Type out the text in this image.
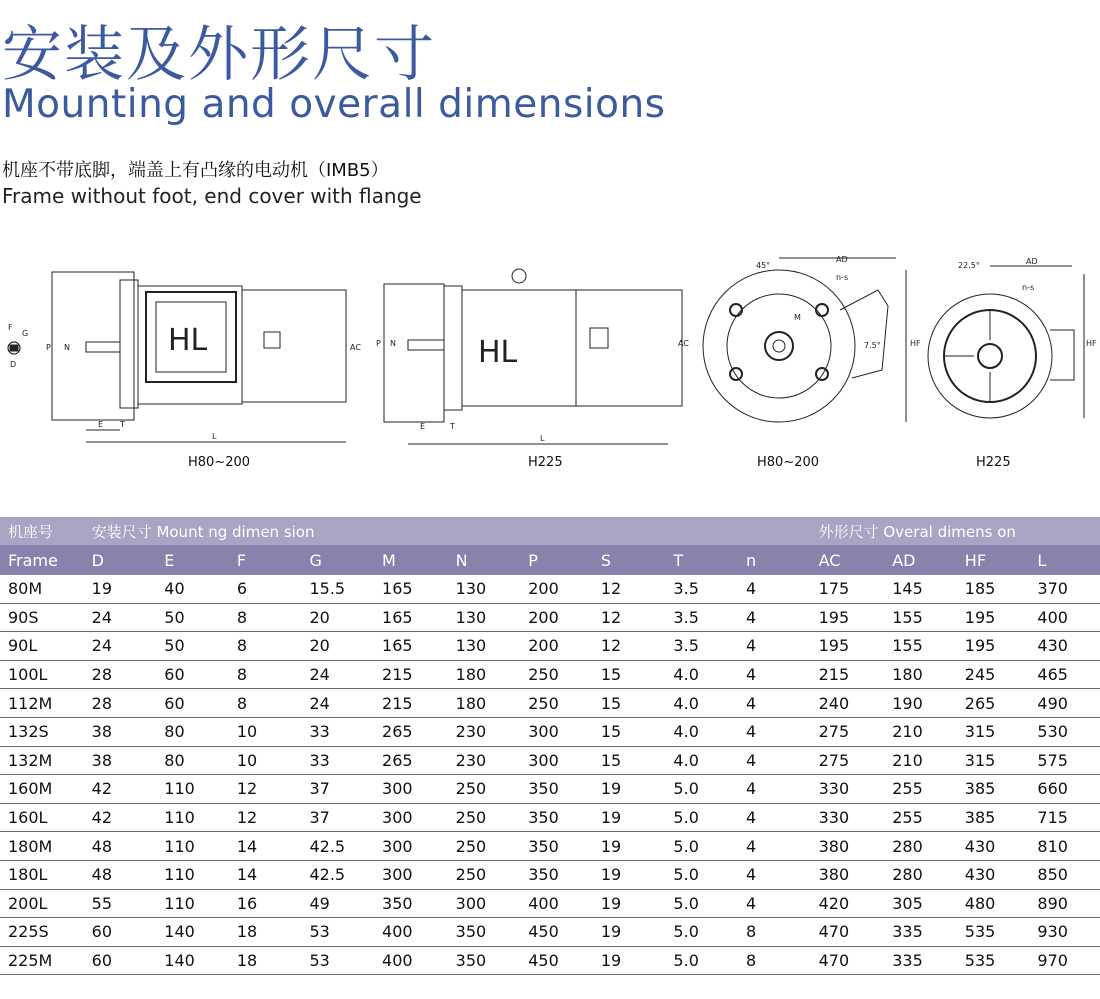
安装及外形尺寸
Mounting and overall dimensions
机座不带底脚，端盖上有凸缘的电动机（IMB5）
Frame without foot, end cover with flange
HL
L
E T
P N	AC
F
G
D	HL
L
E	T
P N	AC
AD
HF
45°
n-s
M
7.5°
AD
HF
22.5°
n-s
H80~200	H225	H80~200	H225
机座号	安装尺寸 Mount ng dimen sion										外形尺寸 Overal dimens on			
Frame	D	E	F	G	M	N	P	S	T	n	AC	AD	HF	L
80M	19	40	6	15.5	165	130	200	12	3.5	4	175	145	185	370
90S	24	50	8	20	165	130	200	12	3.5	4	195	155	195	400
90L	24	50	8	20	165	130	200	12	3.5	4	195	155	195	430
100L	28	60	8	24	215	180	250	15	4.0	4	215	180	245	465
112M	28	60	8	24	215	180	250	15	4.0	4	240	190	265	490
132S	38	80	10	33	265	230	300	15	4.0	4	275	210	315	530
132M	38	80	10	33	265	230	300	15	4.0	4	275	210	315	575
160M	42	110	12	37	300	250	350	19	5.0	4	330	255	385	660
160L	42	110	12	37	300	250	350	19	5.0	4	330	255	385	715
180M	48	110	14	42.5	300	250	350	19	5.0	4	380	280	430	810
180L	48	110	14	42.5	300	250	350	19	5.0	4	380	280	430	850
200L	55	110	16	49	350	300	400	19	5.0	4	420	305	480	890
225S	60	140	18	53	400	350	450	19	5.0	8	470	335	535	930
225M	60	140	18	53	400	350	450	19	5.0	8	470	335	535	970
